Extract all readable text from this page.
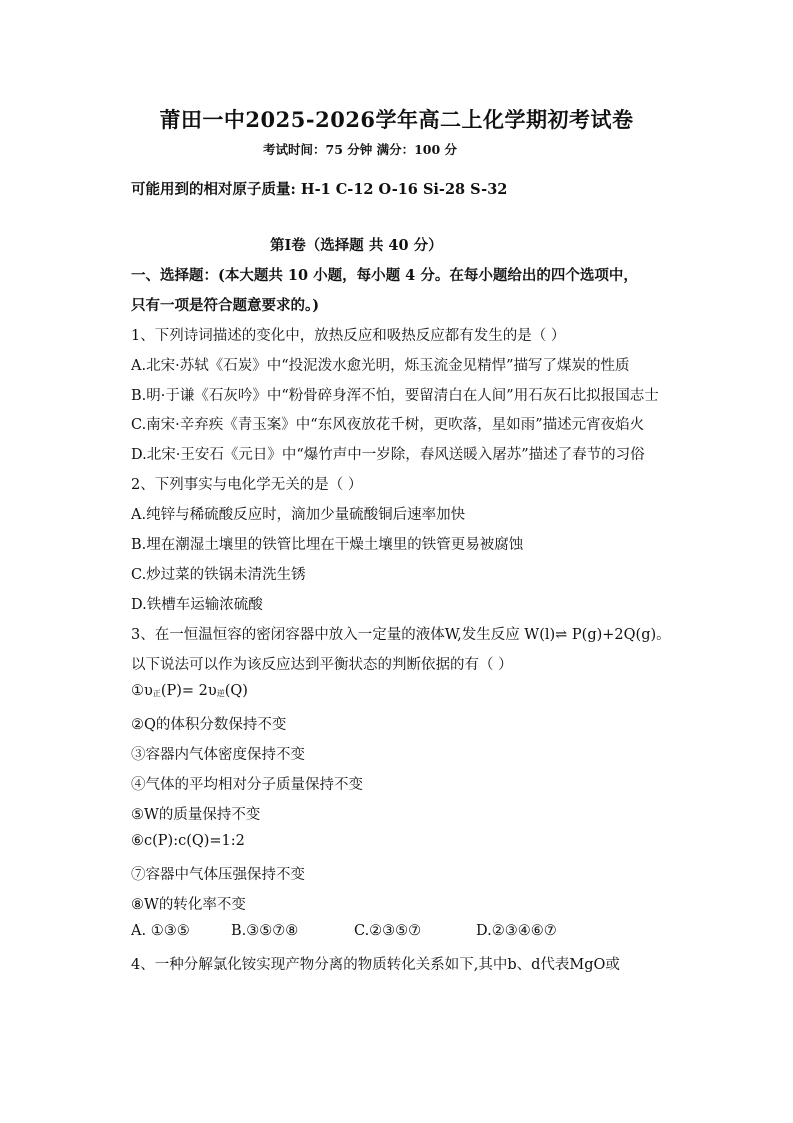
莆田一中2025-2026学年高二上化学期初考试卷
考试时间：75 分钟 满分：100 分
可能用到的相对原子质量: H-1 C-12 O-16 Si-28 S-32
第Ⅰ卷（选择题 共 40 分）
一、选择题：(本大题共 10 小题，每小题 4 分。在每小题给出的四个选项中，
只有一项是符合题意要求的。)
1、下列诗词描述的变化中，放热反应和吸热反应都有发生的是（ ）
A.北宋·苏轼《石炭》中“投泥泼水愈光明，烁玉流金见精悍”描写了煤炭的性质
B.明·于谦《石灰吟》中“粉骨碎身浑不怕，要留清白在人间”用石灰石比拟报国志士
C.南宋·辛弃疾《青玉案》中“东风夜放花千树，更吹落，星如雨”描述元宵夜焰火
D.北宋·王安石《元日》中“爆竹声中一岁除，春风送暖入屠苏”描述了春节的习俗
2、下列事实与电化学无关的是（ ）
A.纯锌与稀硫酸反应时，滴加少量硫酸铜后速率加快
B.埋在潮湿土壤里的铁管比埋在干燥土壤里的铁管更易被腐蚀
C.炒过菜的铁锅未清洗生锈
D.铁槽车运输浓硫酸
3、在一恒温恒容的密闭容器中放入一定量的液体W,发生反应 W(l)⇌ P(g)+2Q(g)。
以下说法可以作为该反应达到平衡状态的判断依据的有（ ）
①υ正(P)= 2υ逆(Q)
②Q的体积分数保持不变
③容器内气体密度保持不变
④气体的平均相对分子质量保持不变
⑤W的质量保持不变
⑥c(P):c(Q)=1:2
⑦容器中气体压强保持不变
⑧W的转化率不变
A. ①③⑤	B.③⑤⑦⑧	C.②③⑤⑦	D.②③④⑥⑦
4、一种分解氯化铵实现产物分离的物质转化关系如下,其中b、d代表MgO或
